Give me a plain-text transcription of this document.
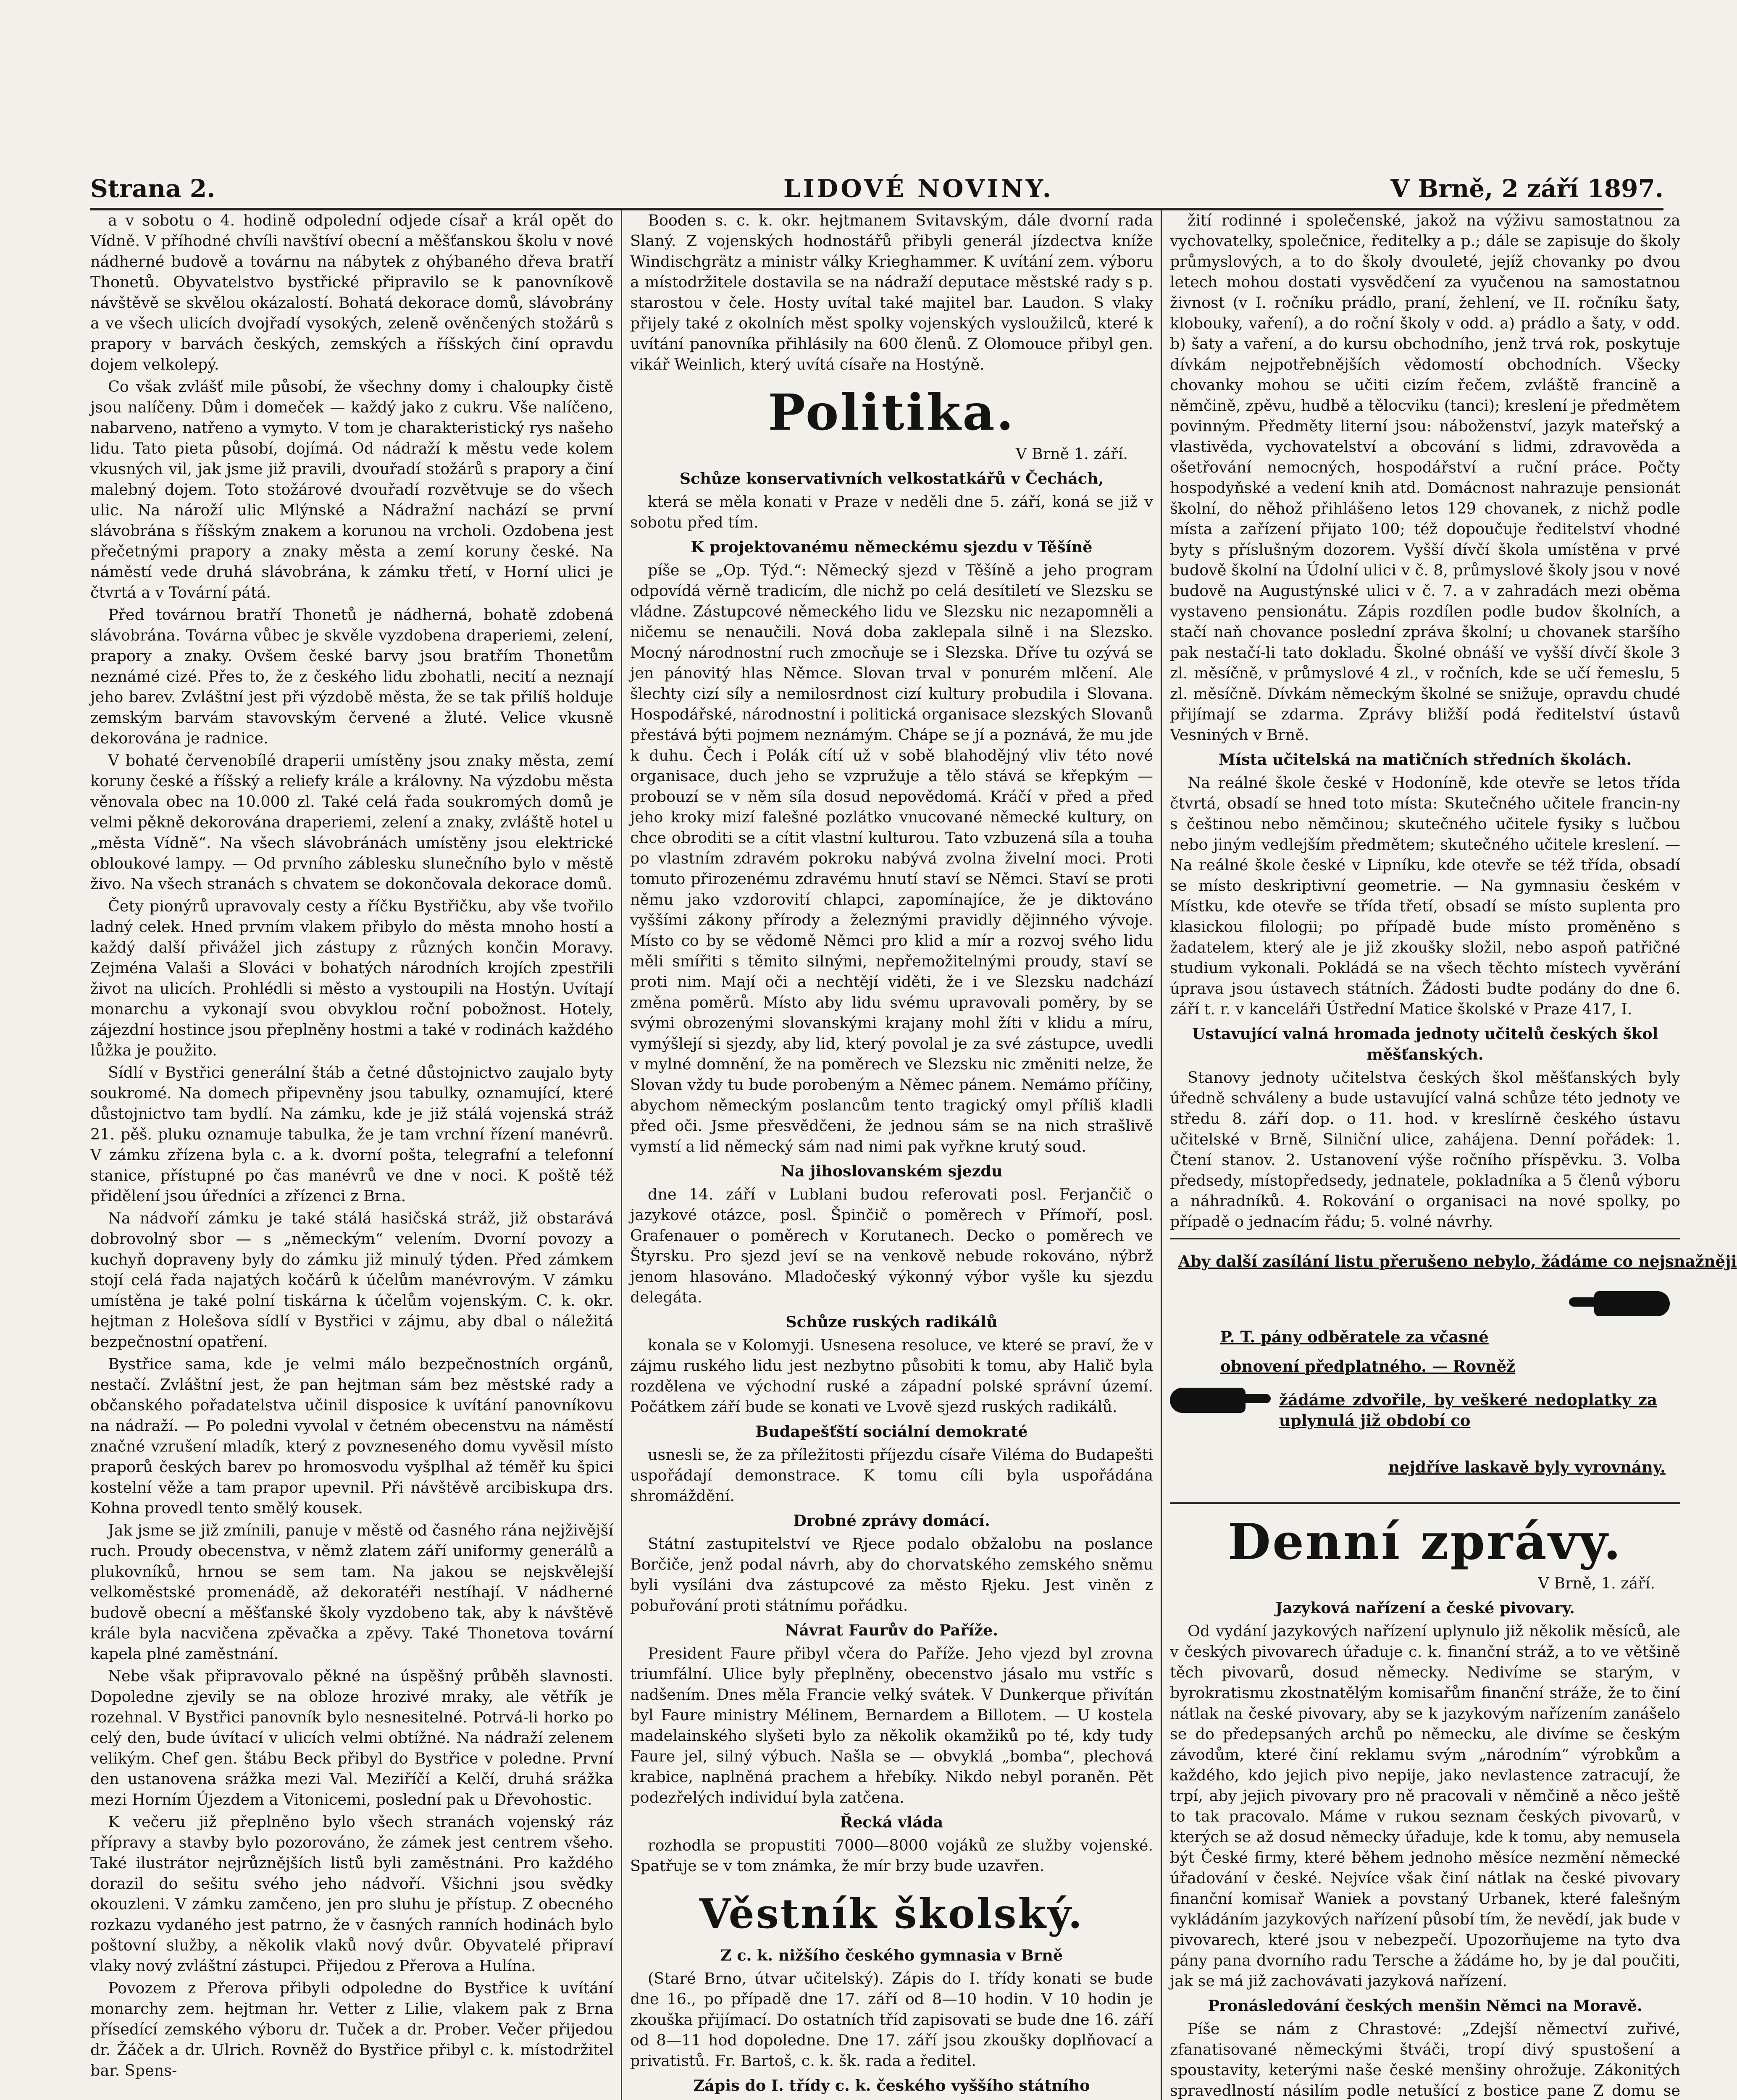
Strana 2.	LIDOVÉ NOVINY.	V Brně, 2 září 1897.

a v sobotu o 4. hodině odpolední odjede císař a král opět do Vídně. V příhodné chvíli navštíví obecní a měšťanskou školu v nové nádherné budově a továrnu na nábytek z ohýbaného dřeva bratří Thonetů. Obyvatelstvo bystřické připravilo se k panovníkově návštěvě se skvělou okázalostí. Bohatá dekorace domů, slávobrány a ve všech ulicích dvojřadí vysokých, zeleně ověnčených stožárů s prapory v barvách českých, zemských a říšských činí opravdu dojem velkolepý.

Co však zvlášť mile působí, že všechny domy i chaloupky čistě jsou nalíčeny. Dům i domeček — každý jako z cukru. Vše nalíčeno, nabarveno, natřeno a vymyto. V tom je charakteristický rys našeho lidu. Tato pieta působí, dojímá. Od nádraží k městu vede kolem vkusných vil, jak jsme již pravili, dvouřadí stožárů s prapory a činí malebný dojem. Toto stožárové dvouřadí rozvětvuje se do všech ulic. Na nároží ulic Mlýnské a Nádražní nachází se první slávobrána s říšským znakem a korunou na vrcholi. Ozdobena jest přečetnými prapory a znaky města a zemí koruny české. Na náměstí vede druhá slávobrána, k zámku třetí, v Horní ulici je čtvrtá a v Tovární pátá.

Před továrnou bratří Thonetů je nádherná, bohatě zdobená slávobrána. Továrna vůbec je skvěle vyzdobena draperiemi, zelení, prapory a znaky. Ovšem české barvy jsou bratřím Thonetům neznámé cizé. Přes to, že z českého lidu zbohatli, necití a neznají jeho barev. Zvláštní jest při výzdobě města, že se tak přilíš holduje zemským barvám stavovským červené a žluté. Velice vkusně dekorována je radnice.

V bohaté červenobílé draperii umístěny jsou znaky města, zemí koruny české a říšský a reliefy krále a královny. Na výzdobu města věnovala obec na 10.000 zl. Také celá řada soukromých domů je velmi pěkně dekorována draperiemi, zelení a znaky, zvláště hotel u „města Vídně“. Na všech slávobránách umístěny jsou elektrické obloukové lampy. — Od prvního záblesku slunečního bylo v městě živo. Na všech stranách s chvatem se dokončovala dekorace domů.

Čety pionýrů upravovaly cesty a říčku Bystřičku, aby vše tvořilo ladný celek. Hned prvním vlakem přibylo do města mnoho hostí a každý další přivážel jich zástupy z různých končin Moravy. Zejména Valaši a Slováci v bohatých národních krojích zpestřili život na ulicích. Prohlédli si město a vystoupili na Hostýn. Uvítají monarchu a vykonají svou obvyklou roční pobožnost. Hotely, zájezdní hostince jsou přeplněny hostmi a také v rodinách každého lůžka je použito.

Sídlí v Bystřici generální štáb a četné důstojnictvo zaujalo byty soukromé. Na domech připevněny jsou tabulky, oznamující, které důstojnictvo tam bydlí. Na zámku, kde je již stálá vojenská stráž 21. pěš. pluku oznamuje tabulka, že je tam vrchní řízení manévrů. V zámku zřízena byla c. a k. dvorní pošta, telegrafní a telefonní stanice, přístupné po čas manévrů ve dne v noci. K poště též přidělení jsou úředníci a zřízenci z Brna.

Na nádvoří zámku je také stálá hasičská stráž, již obstarává dobrovolný sbor — s „německým“ velením. Dvorní povozy a kuchyň dopraveny byly do zámku již minulý týden. Před zámkem stojí celá řada najatých kočárů k účelům manévrovým. V zámku umístěna je také polní tiskárna k účelům vojenským. C. k. okr. hejtman z Holešova sídlí v Bystřici v zájmu, aby dbal o náležitá bezpečnostní opatření.

Bystřice sama, kde je velmi málo bezpečnostních orgánů, nestačí. Zvláštní jest, že pan hejtman sám bez městské rady a občanského pořadatelstva učinil disposice k uvítání panovníkovu na nádraží. — Po poledni vyvolal v četném obecenstvu na náměstí značné vzrušení mladík, který z povzneseného domu vyvěsil místo praporů českých barev po hromosvodu vyšplhal až téměř ku špici kostelní věže a tam prapor upevnil. Při návštěvě arcibiskupa drs. Kohna provedl tento smělý kousek.

Jak jsme se již zmínili, panuje v městě od časného rána nejživější ruch. Proudy obecenstva, v němž zlatem září uniformy generálů a plukovníků, hrnou se sem tam. Na jakou se nejskvělejší velkoměstské promenádě, až dekoratéři nestíhají. V nádherné budově obecní a měšťanské školy vyzdobeno tak, aby k návštěvě krále byla nacvičena zpěvačka a zpěvy. Také Thonetova tovární kapela plné zaměstnání.

Nebe však připravovalo pěkné na úspěšný průběh slavnosti. Dopoledne zjevily se na obloze hrozivé mraky, ale větřík je rozehnal. V Bystřici panovník bylo nesnesitelné. Potrvá-li horko po celý den, bude úvítací v ulicích velmi obtížné. Na nádraží zelenem velikým. Chef gen. štábu Beck přibyl do Bystřice v poledne. První den ustanovena srážka mezi Val. Meziříčí a Kelčí, druhá srážka mezi Horním Újezdem a Vitonicemi, poslední pak u Dřevohostic.

K večeru již přeplněno bylo všech stranách vojenský ráz přípravy a stavby bylo pozorováno, že zámek jest centrem všeho. Také ilustrátor nejrůznějších listů byli zaměstnáni. Pro každého dorazil do sešitu svého jeho nádvoří. Všichni jsou svědky okouzleni. V zámku zamčeno, jen pro sluhu je přístup. Z obecného rozkazu vydaného jest patrno, že v časných ranních hodinách bylo poštovní služby, a několik vlaků nový dvůr. Obyvatelé připraví vlaky nový zvláštní zástupci. Přijedou z Přerova a Hulína.

Povozem z Přerova přibyli odpoledne do Bystřice k uvítání monarchy zem. hejtman hr. Vetter z Lilie, vlakem pak z Brna přísedící zemského výboru dr. Tuček a dr. Prober. Večer přijedou dr. Žáček a dr. Ulrich. Rovněž do Bystřice přibyl c. k. místodržitel bar. Spens-

Booden s. c. k. okr. hejtmanem Svitavským, dále dvorní rada Slaný. Z vojenských hodnostářů přibyli generál jízdectva kníže Windischgrätz a ministr války Krieghammer. K uvítání zem. výboru a místodržitele dostavila se na nádraží deputace městské rady s p. starostou v čele. Hosty uvítal také majitel bar. Laudon. S vlaky přijely také z okolních měst spolky vojenských vysloužilců, které k uvítání panovníka přihlásily na 600 členů. Z Olomouce přibyl gen. vikář Weinlich, který uvítá císaře na Hostýně.

Politika.
V Brně 1. září.
Schůze konservativních velkostatkářů v Čechách,

která se měla konati v Praze v neděli dne 5. září, koná se již v sobotu před tím.

K projektovanému německému sjezdu v Těšíně

píše se „Op. Týd.“: Německý sjezd v Těšíně a jeho program odpovídá věrně tradicím, dle nichž po celá desítiletí ve Slezsku se vládne. Zástupcové německého lidu ve Slezsku nic nezapomněli a ničemu se nenaučili. Nová doba zaklepala silně i na Slezsko. Mocný národnostní ruch zmocňuje se i Slezska. Dříve tu ozývá se jen pánovitý hlas Němce. Slovan trval v ponurém mlčení. Ale šlechty cizí síly a nemilosrdnost cizí kultury probudila i Slovana. Hospodářské, národnostní i politická organisace slezských Slovanů přestává býti pojmem neznámým. Chápe se jí a poznává, že mu jde k duhu. Čech i Polák cítí už v sobě blahodějný vliv této nové organisace, duch jeho se vzpružuje a tělo stává se křepkým — probouzí se v něm síla dosud nepovědomá. Kráčí v před a před jeho kroky mizí falešné pozlátko vnucované německé kultury, on chce obroditi se a cítit vlastní kulturou. Tato vzbuzená síla a touha po vlastním zdravém pokroku nabývá zvolna živelní moci. Proti tomuto přirozenému zdravému hnutí staví se Němci. Staví se proti němu jako vzdorovití chlapci, zapomínajíce, že je diktováno vyššími zákony přírody a železnými pravidly dějinného vývoje. Místo co by se vědomě Němci pro klid a mír a rozvoj svého lidu měli smířiti s těmito silnými, nepřemožitelnými proudy, staví se proti nim. Mají oči a nechtějí viděti, že i ve Slezsku nadchází změna poměrů. Místo aby lidu svému upravovali poměry, by se svými obrozenými slovanskými krajany mohl žíti v klidu a míru, vymýšlejí si sjezdy, aby lid, který povolal je za své zástupce, uvedli v mylné domnění, že na poměrech ve Slezsku nic změniti nelze, že Slovan vždy tu bude porobeným a Němec pánem. Nemámo příčiny, abychom německým poslancům tento tragický omyl příliš kladli před oči. Jsme přesvědčeni, že jednou sám se na nich strašlivě vymstí a lid německý sám nad nimi pak vyřkne krutý soud.

Na jihoslovanském sjezdu

dne 14. září v Lublani budou referovati posl. Ferjančič o jazykové otázce, posl. Špinčič o poměrech v Přímoří, posl. Grafenauer o poměrech v Korutanech. Decko o poměrech ve Štyrsku. Pro sjezd jeví se na venkově nebude rokováno, nýbrž jenom hlasováno. Mladočeský výkonný výbor vyšle ku sjezdu delegáta.

Schůze ruských radikálů

konala se v Kolomyji. Usnesena resoluce, ve které se praví, že v zájmu ruského lidu jest nezbytno působiti k tomu, aby Halič byla rozdělena ve východní ruské a západní polské správní území. Počátkem září bude se konati ve Lvově sjezd ruských radikálů.

Budapešťští sociální demokraté

usnesli se, že za příležitosti příjezdu císaře Viléma do Budapešti uspořádají demonstrace. K tomu cíli byla uspořádána shromáždění.

Drobné zprávy domácí.

Státní zastupitelství ve Rjece podalo obžalobu na poslance Borčiče, jenž podal návrh, aby do chorvatského zemského sněmu byli vysíláni dva zástupcové za město Rjeku. Jest viněn z pobuřování proti státnímu pořádku.

Návrat Faurův do Paříže.

President Faure přibyl včera do Paříže. Jeho vjezd byl zrovna triumfální. Ulice byly přeplněny, obecenstvo jásalo mu vstříc s nadšením. Dnes měla Francie velký svátek. V Dunkerque přivítán byl Faure ministry Mélinem, Bernardem a Billotem. — U kostela madelainského slyšeti bylo za několik okamžiků po té, kdy tudy Faure jel, silný výbuch. Našla se — obvyklá „bomba“, plechová krabice, naplněná prachem a hřebíky. Nikdo nebyl poraněn. Pět podezřelých individuí byla zatčena.

Řecká vláda

rozhodla se propustiti 7000—8000 vojáků ze služby vojenské. Spatřuje se v tom známka, že mír brzy bude uzavřen.

Věstník školský.
Z c. k. nižšího českého gymnasia v Brně

(Staré Brno, útvar učitelský). Zápis do I. třídy konati se bude dne 16., po případě dne 17. září od 8—10 hodin. V 10 hodin je zkouška přijímací. Do ostatních tříd zapisovati se bude dne 16. září od 8—11 hod dopoledne. Dne 17. září jsou zkoušky doplňovací a privatistů. Fr. Bartoš, c. k. šk. rada a ředitel.

Zápis do I. třídy c. k. českého vyššího státního

žití rodinné i společenské, jakož na výživu samostatnou za vychovatelky, společnice, ředitelky a p.; dále se zapisuje do školy průmyslových, a to do školy dvouleté, jejíž chovanky po dvou letech mohou dostati vysvědčení za vyučenou na samostatnou živnost (v I. ročníku prádlo, praní, žehlení, ve II. ročníku šaty, klobouky, vaření), a do roční školy v odd. a) prádlo a šaty, v odd. b) šaty a vaření, a do kursu obchodního, jenž trvá rok, poskytuje dívkám nejpotřebnějších vědomostí obchodních. Všecky chovanky mohou se učiti cizím řečem, zvláště francině a němčině, zpěvu, hudbě a tělocviku (tanci); kreslení je předmětem povinným. Předměty literní jsou: náboženství, jazyk mateřský a vlastivěda, vychovatelství a obcování s lidmi, zdravověda a ošetřování nemocných, hospodářství a ruční práce. Počty hospodyňské a vedení knih atd. Domácnost nahrazuje pensionát školní, do něhož přihlášeno letos 129 chovanek, z nichž podle místa a zařízení přijato 100; též dopoučuje ředitelství vhodné byty s příslušným dozorem. Vyšší dívčí škola umístěna v prvé budově školní na Údolní ulici v č. 8, průmyslové školy jsou v nové budově na Augustýnské ulici v č. 7. a v zahradách mezi oběma vystaveno pensionátu. Zápis rozdílen podle budov školních, a stačí naň chovance poslední zpráva školní; u chovanek staršího pak nestačí-li tato dokladu. Školné obnáší ve vyšší dívčí škole 3 zl. měsíčně, v průmyslové 4 zl., v ročních, kde se učí řemeslu, 5 zl. měsíčně. Dívkám německým školné se snižuje, opravdu chudé přijímají se zdarma. Zprávy bližší podá ředitelství ústavů Vesniných v Brně.

Místa učitelská na matičních středních školách.

Na reálné škole české v Hodoníně, kde otevře se letos třída čtvrtá, obsadí se hned toto místa: Skutečného učitele francin-ny s češtinou nebo němčinou; skutečného učitele fysiky s lučbou nebo jiným vedlejším předmětem; skutečného učitele kreslení. — Na reálné škole české v Lipníku, kde otevře se též třída, obsadí se místo deskriptivní geometrie. — Na gymnasiu českém v Místku, kde otevře se třída třetí, obsadí se místo suplenta pro klasickou filologii; po případě bude místo proměněno s žadatelem, který ale je již zkoušky složil, nebo aspoň patřičné studium vykonali. Pokládá se na všech těchto místech vyvěrání úprava jsou ústavech státních. Žádosti budte podány do dne 6. září t. r. v kanceláři Ústřední Matice školské v Praze 417, I.

Ustavující valná hromada jednoty učitelů českých škol měšťanských.

Stanovy jednoty učitelstva českých škol měšťanských byly úředně schváleny a bude ustavující valná schůze této jednoty ve středu 8. září dop. o 11. hod. v kreslírně českého ústavu učitelské v Brně, Silniční ulice, zahájena. Denní pořádek: 1. Čtení stanov. 2. Ustanovení výše ročního příspěvku. 3. Volba předsedy, místopředsedy, jednatele, pokladníka a 5 členů výboru a náhradníků. 4. Rokování o organisaci na nové spolky, po případě o jednacím řádu; 5. volné návrhy.

Aby další zasílání listu přerušeno nebylo, žádáme co nejsnažněji
P. T. pány odběratele za včasné
obnovení předplatného. — Rovněž
žádáme zdvořile, by veškeré nedoplatky za uplynulá již období co
nejdříve laskavě byly vyrovnány.
Denní zprávy.
V Brně, 1. září.
Jazyková nařízení a české pivovary.

Od vydání jazykových nařízení uplynulo již několik měsíců, ale v českých pivovarech úřaduje c. k. finanční stráž, a to ve většině těch pivovarů, dosud německy. Nedivíme se starým, v byrokratismu zkostnatělým komisařům finanční stráže, že to činí nátlak na české pivovary, aby se k jazykovým nařízením zanášelo se do předepsaných archů po německu, ale divíme se českým závodům, které činí reklamu svým „národním“ výrobkům a každého, kdo jejich pivo nepije, jako nevlastence zatracují, že trpí, aby jejich pivovary pro ně pracovali v němčině a něco ještě to tak pracovalo. Máme v rukou seznam českých pivovarů, v kterých se až dosud německy úřaduje, kde k tomu, aby nemusela být České firmy, které během jednoho měsíce nezmění německé úřadování v české. Nejvíce však činí nátlak na české pivovary finanční komisař Waniek a povstaný Urbanek, které falešným vykládáním jazykových nařízení působí tím, že nevědí, jak bude v pivovarech, které jsou v nebezpečí. Upozorňujeme na tyto dva pány pana dvorního radu Tersche a žádáme ho, by je dal poučiti, jak se má již zachovávati jazyková nařízení.

Pronásledování českých menšin Němci na Moravě.

Píše se nám z Chrastové: „Zdejší němectví zuřivé, zfanatisované německými štváči, tropí divý spustošení a spoustavity, keterými naše české menšiny ohrožuje. Zákonitých spravedlností násilím podle netušící z bostice pane Z domu se
